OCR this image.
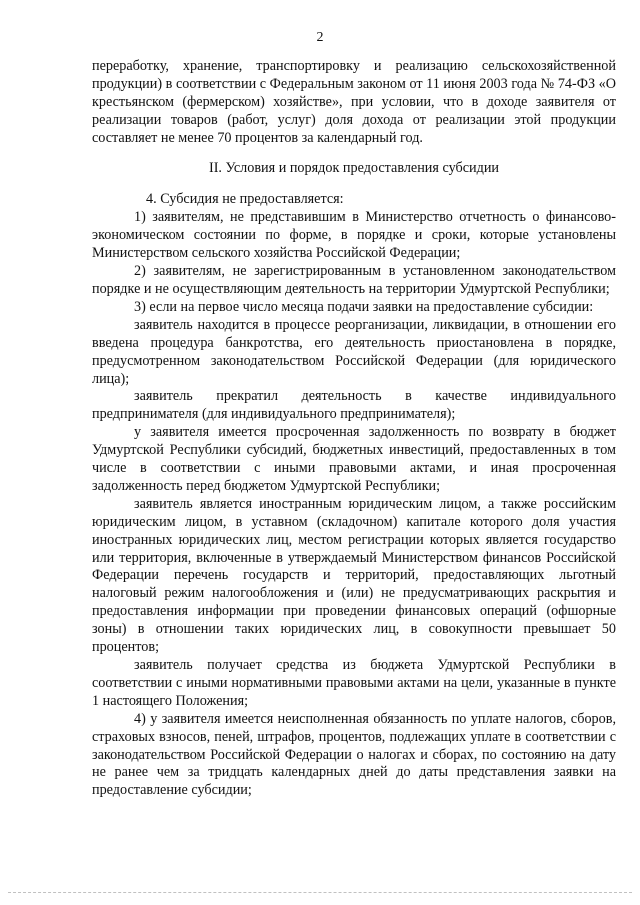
2

переработку, хранение, транспортировку и реализацию сельскохозяйственной продукции) в соответствии с Федеральным законом от 11 июня 2003 года № 74-ФЗ «О крестьянском (фермерском) хозяйстве», при условии, что в доходе заявителя от реализации товаров (работ, услуг) доля дохода от реализации этой продукции составляет не менее 70 процентов за календарный год.

II. Условия и порядок предоставления субсидии

4. Субсидия не предоставляется:

1) заявителям, не представившим в Министерство отчетность о финансово-экономическом состоянии по форме, в порядке и сроки, которые установлены Министерством сельского хозяйства Российской Федерации;

2) заявителям, не зарегистрированным в установленном законодательством порядке и не осуществляющим деятельность на территории Удмуртской Республики;

3) если на первое число месяца подачи заявки на предоставление субсидии:

заявитель находится в процессе реорганизации, ликвидации, в отношении его введена процедура банкротства, его деятельность приостановлена в порядке, предусмотренном законодательством Российской Федерации (для юридического лица);

заявитель прекратил деятельность в качестве индивидуального предпринимателя (для индивидуального предпринимателя);

у заявителя имеется просроченная задолженность по возврату в бюджет Удмуртской Республики субсидий, бюджетных инвестиций, предоставленных в том числе в соответствии с иными правовыми актами, и иная просроченная задолженность перед бюджетом Удмуртской Республики;

заявитель является иностранным юридическим лицом, а также российским юридическим лицом, в уставном (складочном) капитале которого доля участия иностранных юридических лиц, местом регистрации которых является государство или территория, включенные в утверждаемый Министерством финансов Российской Федерации перечень государств и территорий, предоставляющих льготный налоговый режим налогообложения и (или) не предусматривающих раскрытия и предоставления информации при проведении финансовых операций (офшорные зоны) в отношении таких юридических лиц, в совокупности превышает 50 процентов;

заявитель получает средства из бюджета Удмуртской Республики в соответствии с иными нормативными правовыми актами на цели, указанные в пункте 1 настоящего Положения;

4) у заявителя имеется неисполненная обязанность по уплате налогов, сборов, страховых взносов, пеней, штрафов, процентов, подлежащих уплате в соответствии с законодательством Российской Федерации о налогах и сборах, по состоянию на дату не ранее чем за тридцать календарных дней до даты представления заявки на предоставление субсидии;
